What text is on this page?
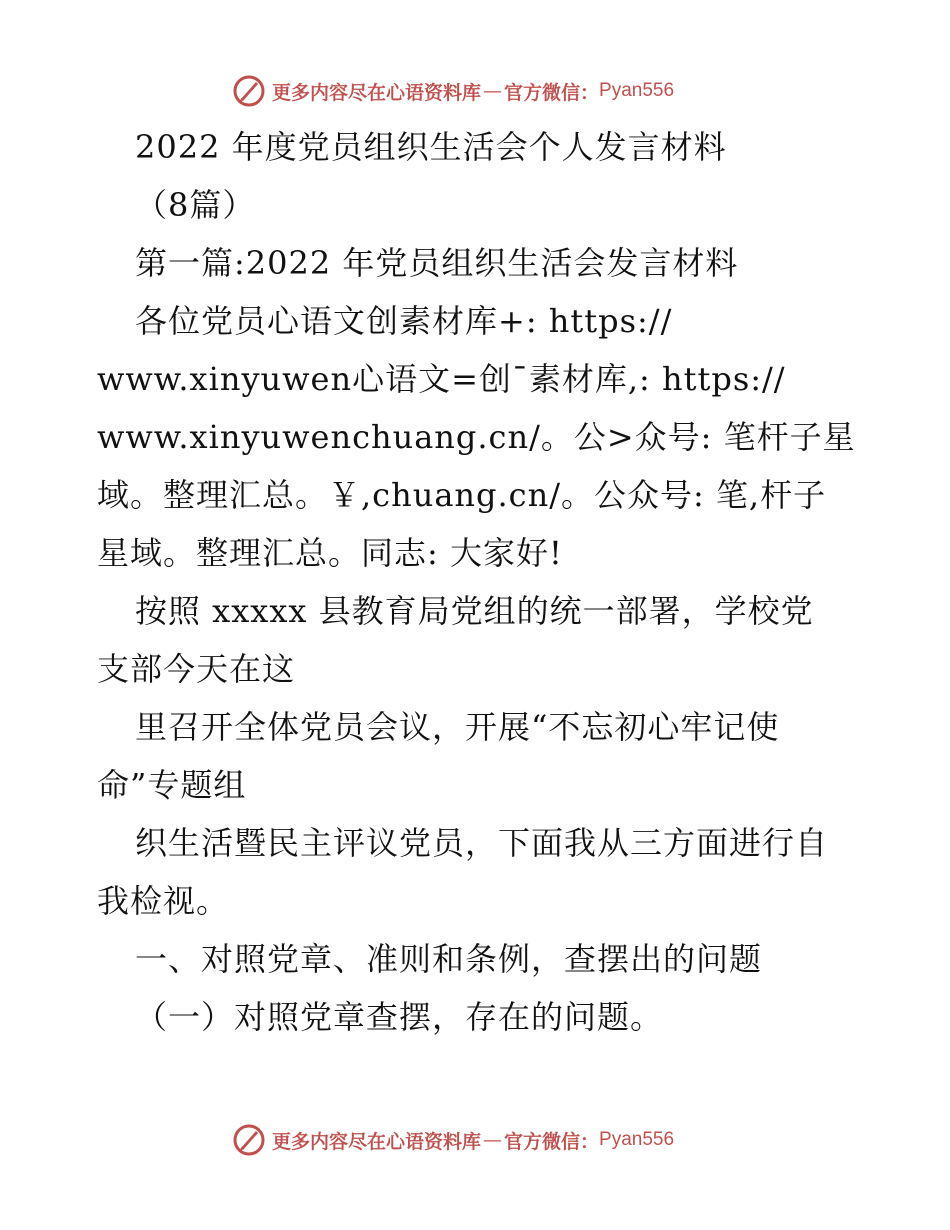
更多内容尽在心语资料库 — 官方微信： Pyan556
2022 年度党员组织生活会个人发言材料
（8篇）
第一篇:2022 年党员组织生活会发言材料
各位党员心语文创素材库+: https://
www.xinyuwen心语文=创¯素材库,: https://
www.xinyuwenchuang.cn/。公>众号: 笔杆子星
域。整理汇总。￥,chuang.cn/。公众号: 笔,杆子
星域。整理汇总。同志: 大家好!
按照 xxxxx 县教育局党组的统一部署，学校党
支部今天在这
里召开全体党员会议，开展“不忘初心牢记使
命”专题组
织生活暨民主评议党员，下面我从三方面进行自
我检视。
一、对照党章、准则和条例，查摆出的问题
（一）对照党章查摆，存在的问题。
更多内容尽在心语资料库 — 官方微信： Pyan556
